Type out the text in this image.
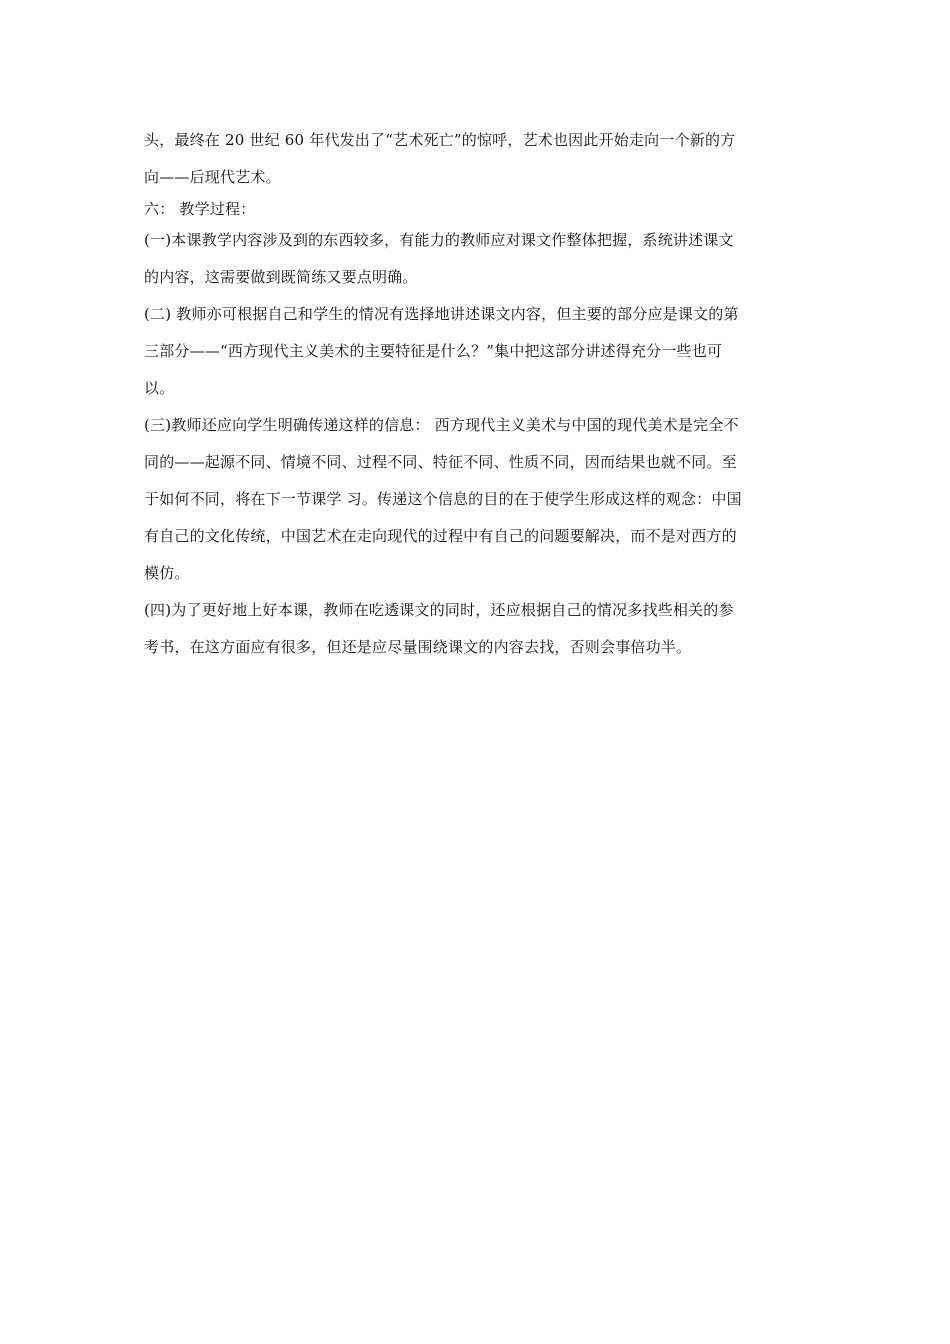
头，最终在 20 世纪 60 年代发出了“艺术死亡”的惊呼，艺术也因此开始走向一个新的方
向——后现代艺术。
六： 教学过程：
(一)本课教学内容涉及到的东西较多，有能力的教师应对课文作整体把握，系统讲述课文
的内容，这需要做到既简练又要点明确。
(二) 教师亦可根据自己和学生的情况有选择地讲述课文内容，但主要的部分应是课文的第
三部分——“西方现代主义美术的主要特征是什么？”集中把这部分讲述得充分一些也可
以。
(三)教师还应向学生明确传递这样的信息： 西方现代主义美术与中国的现代美术是完全不
同的——起源不同、情境不同、过程不同、特征不同、性质不同，因而结果也就不同。至
于如何不同，将在下一节课学 习。传递这个信息的目的在于使学生形成这样的观念：中国
有自己的文化传统，中国艺术在走向现代的过程中有自己的问题要解决，而不是对西方的
模仿。
(四)为了更好地上好本课，教师在吃透课文的同时，还应根据自己的情况多找些相关的参
考书，在这方面应有很多，但还是应尽量围绕课文的内容去找，否则会事倍功半。
